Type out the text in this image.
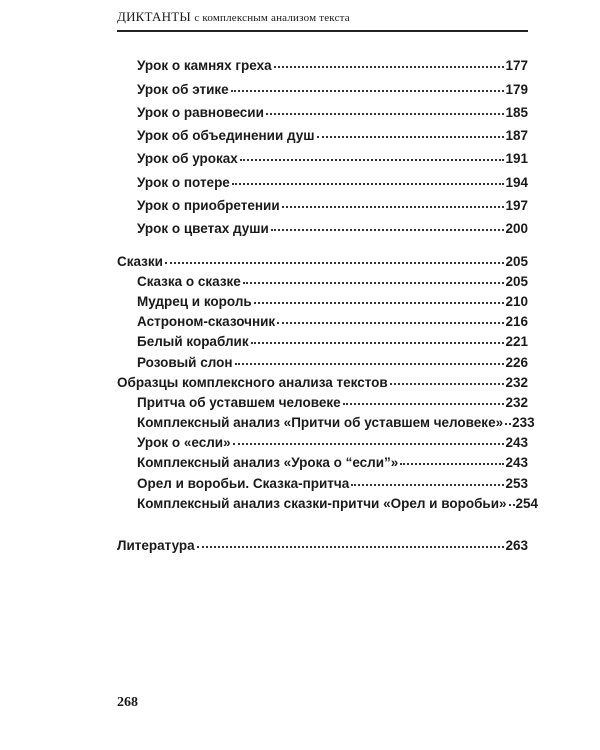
ДИКТАНТЫ с комплексным анализом текста
Урок о камнях греха	177
Урок об этике	179
Урок о равновесии	185
Урок об объединении душ	187
Урок об уроках	191
Урок о потере	194
Урок о приобретении	197
Урок о цветах души	200
Сказки	205
Сказка о сказке	205
Мудрец и король	210
Астроном-сказочник	216
Белый кораблик	221
Розовый слон	226
Образцы комплексного анализа текстов	232
Притча об уставшем человеке	232
Комплексный анализ «Притчи об уставшем человеке» 233
Урок о «если»	243
Комплексный анализ «Урока о “если”»	243
Орел и воробьи. Сказка-притча	253
Комплексный анализ сказки-притчи «Орел и воробьи» 254
Литература	263
268
